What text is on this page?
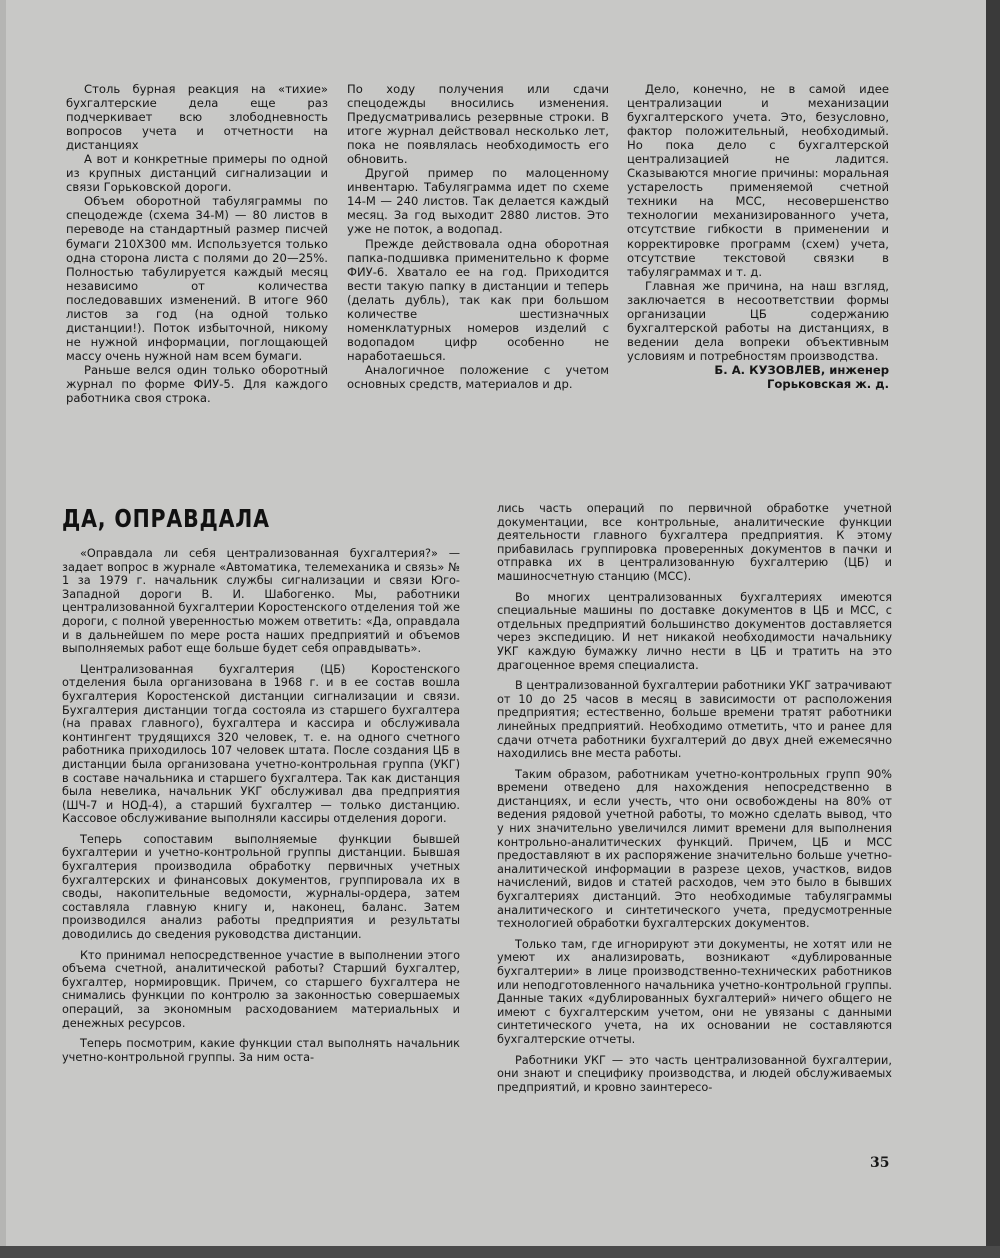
Столь бурная реакция на «тихие» бухгалтерские дела еще раз подчеркивает всю злободневность вопросов учета и отчетности на дистанциях

А вот и конкретные примеры по одной из крупных дистанций сигнализации и связи Горьковской дороги.

Объем оборотной табуляграммы по спецодежде (схема 34-М) — 80 листов в переводе на стандартный размер писчей бумаги 210Х300 мм. Используется только одна сторона листа с полями до 20—25%. Полностью табулируется каждый месяц независимо от количества последовавших изменений. В итоге 960 листов за год (на одной только дистанции!). Поток избыточной, никому не нужной информации, поглощающей массу очень нужной нам всем бумаги.

Раньше велся один только оборотный журнал по форме ФИУ-5. Для каждого работника своя строка.

По ходу получения или сдачи спецодежды вносились изменения. Предусматривались резервные строки. В итоге журнал действовал несколько лет, пока не появлялась необходимость его обновить.

Другой пример по малоценному инвентарю. Табуляграмма идет по схеме 14-М — 240 листов. Так делается каждый месяц. За год выходит 2880 листов. Это уже не поток, а водопад.

Прежде действовала одна оборотная папка-подшивка применительно к форме ФИУ-6. Хватало ее на год. Приходится вести такую папку в дистанции и теперь (делать дубль), так как при большом количестве шестизначных номенклатурных номеров изделий с водопадом цифр особенно не наработаешься.

Аналогичное положение с учетом основных средств, материалов и др.

Дело, конечно, не в самой идее централизации и механизации бухгалтерского учета. Это, безусловно, фактор положительный, необходимый. Но пока дело с бухгалтерской централизацией не ладится. Сказываются многие причины: моральная устарелость применяемой счетной техники на МСС, несовершенство технологии механизированного учета, отсутствие гибкости в применении и корректировке программ (схем) учета, отсутствие текстовой связки в табуляграммах и т. д.

Главная же причина, на наш взгляд, заключается в несоответствии формы организации ЦБ содержанию бухгалтерской работы на дистанциях, в ведении дела вопреки объективным условиям и потребностям производства.

Б. А. КУЗОВЛЕВ, инженер
Горьковская ж. д.

ДА, ОПРАВДАЛА

«Оправдала ли себя централизованная бухгалтерия?» — задает вопрос в журнале «Автоматика, телемеханика и связь» № 1 за 1979 г. начальник службы сигнализации и связи Юго-Западной дороги В. И. Шабогенко. Мы, работники централизованной бухгалтерии Коростенского отделения той же дороги, с полной уверенностью можем ответить: «Да, оправдала и в дальнейшем по мере роста наших предприятий и объемов выполняемых работ еще больше будет себя оправдывать».

Централизованная бухгалтерия (ЦБ) Коростенского отделения была организована в 1968 г. и в ее состав вошла бухгалтерия Коростенской дистанции сигнализации и связи. Бухгалтерия дистанции тогда состояла из старшего бухгалтера (на правах главного), бухгалтера и кассира и обслуживала контингент трудящихся 320 человек, т. е. на одного счетного работника приходилось 107 человек штата. После создания ЦБ в дистанции была организована учетно-контрольная группа (УКГ) в составе начальника и старшего бухгалтера. Так как дистанция была невелика, начальник УКГ обслуживал два предприятия (ШЧ-7 и НОД-4), а старший бухгалтер — только дистанцию. Кассовое обслуживание выполняли кассиры отделения дороги.

Теперь сопоставим выполняемые функции бывшей бухгалтерии и учетно-контрольной группы дистанции. Бывшая бухгалтерия производила обработку первичных учетных бухгалтерских и финансовых документов, группировала их в своды, накопительные ведомости, журналы-ордера, затем составляла главную книгу и, наконец, баланс. Затем производился анализ работы предприятия и результаты доводились до сведения руководства дистанции.

Кто принимал непосредственное участие в выполнении этого объема счетной, аналитической работы? Старший бухгалтер, бухгалтер, нормировщик. Причем, со старшего бухгалтера не снимались функции по контролю за законностью совершаемых операций, за экономным расходованием материальных и денежных ресурсов.

Теперь посмотрим, какие функции стал выполнять начальник учетно-контрольной группы. За ним оста-

лись часть операций по первичной обработке учетной документации, все контрольные, аналитические функции деятельности главного бухгалтера предприятия. К этому прибавилась группировка проверенных документов в пачки и отправка их в централизованную бухгалтерию (ЦБ) и машиносчетную станцию (МСС).

Во многих централизованных бухгалтериях имеются специальные машины по доставке документов в ЦБ и МСС, с отдельных предприятий большинство документов доставляется через экспедицию. И нет никакой необходимости начальнику УКГ каждую бумажку лично нести в ЦБ и тратить на это драгоценное время специалиста.

В централизованной бухгалтерии работники УКГ затрачивают от 10 до 25 часов в месяц в зависимости от расположения предприятия; естественно, больше времени тратят работники линейных предприятий. Необходимо отметить, что и ранее для сдачи отчета работники бухгалтерий до двух дней ежемесячно находились вне места работы.

Таким образом, работникам учетно-контрольных групп 90% времени отведено для нахождения непосредственно в дистанциях, и если учесть, что они освобождены на 80% от ведения рядовой учетной работы, то можно сделать вывод, что у них значительно увеличился лимит времени для выполнения контрольно-аналитических функций. Причем, ЦБ и МСС предоставляют в их распоряжение значительно больше учетно-аналитической информации в разрезе цехов, участков, видов начислений, видов и статей расходов, чем это было в бывших бухгалтериях дистанций. Это необходимые табуляграммы аналитического и синтетического учета, предусмотренные технологией обработки бухгалтерских документов.

Только там, где игнорируют эти документы, не хотят или не умеют их анализировать, возникают «дублированные бухгалтерии» в лице производственно-технических работников или неподготовленного начальника учетно-контрольной группы. Данные таких «дублированных бухгалтерий» ничего общего не имеют с бухгалтерским учетом, они не увязаны с данными синтетического учета, на их основании не составляются бухгалтерские отчеты.

Работники УКГ — это часть централизованной бухгалтерии, они знают и специфику производства, и людей обслуживаемых предприятий, и кровно заинтересо-

35
